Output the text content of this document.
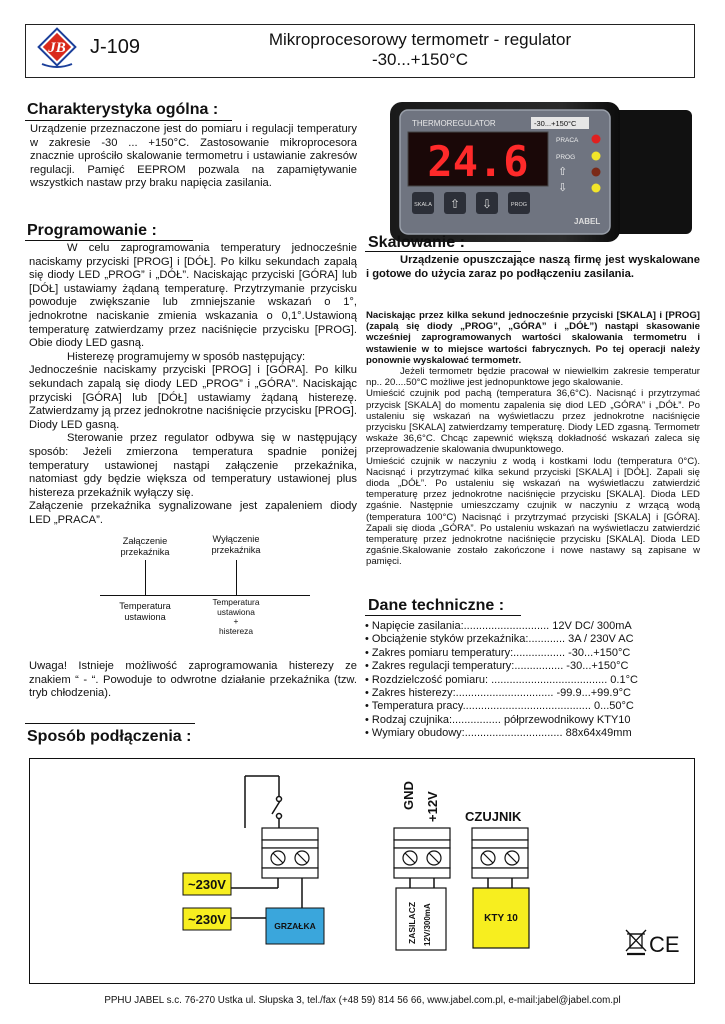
JB J-109	Mikroprocesorowy termometr - regulator
-30...+150°C
Charakterystyka ogólna :
Urządzenie przeznaczone jest do pomiaru i regulacji temperatury w zakresie -30 ... +150°C. Zastosowanie mikroprocesora znacznie uprościło skalowanie termometru i ustawianie zakresów regulacji. Pamięć EEPROM pozwala na zapamiętywanie wszystkich nastaw przy braku napięcia zasilania.
THERMOREGULATOR	-30...+150°C
24.6	PRACA
PROG
⇧
⇩
SKALA ⇧ ⇩	PROG
JABEL
Programowanie :

W celu zaprogramowania temperatury jednocześnie naciskamy przyciski [PROG] i [DÓŁ]. Po kilku sekundach zapalą się diody LED „PROG” i „DÓŁ”. Naciskając przyciski [GÓRA] lub [DÓŁ] ustawiamy żądaną temperaturę. Przytrzymanie przycisku powoduje zwiększanie lub zmniejszanie wskazań o 1°, jednokrotne naciskanie zmienia wskazania o 0,1°.Ustawioną temperaturę zatwierdzamy przez naciśnięcie przycisku [PROG]. Obie diody LED gasną.

Histerezę programujemy w sposób następujący:

Jednocześnie naciskamy przyciski [PROG] i [GÓRA]. Po kilku sekundach zapalą się diody LED „PROG” i „GÓRA”. Naciskając przyciski [GÓRA] lub [DÓŁ] ustawiamy żądaną histerezę. Zatwierdzamy ją przez jednokrotne naciśnięcie przycisku [PROG]. Diody LED gasną.

Sterowanie przez regulator odbywa się w następujący sposób: Jeżeli zmierzona temperatura spadnie poniżej temperatury ustawionej nastąpi załączenie przekaźnika, natomiast gdy będzie większa od temperatury ustawionej plus histereza przekaźnik wyłączy się.

Załączenie przekaźnika sygnalizowane jest zapaleniem diody LED „PRACA”.

Załączenie
przekaźnika
Wyłączenie
przekaźnika
Temperatura
ustawiona
Temperatura
ustawiona
+
histereza
Uwaga! Istnieje możliwość zaprogramowania histerezy ze znakiem “ - “. Powoduje to odwrotne działanie przekaźnika (tzw. tryb chłodzenia).
Skalowanie :
Urządzenie opuszczające naszą firmę jest wyskalowane i gotowe do użycia zaraz po podłączeniu zasilania.
Naciskając przez kilka sekund jednocześnie przyciski [SKALA] i [PROG] (zapalą się diody „PROG”, „GÓRA” i „DÓŁ”) nastąpi skasowanie wcześniej zaprogramowanych wartości skalowania termometru i wstawienie w to miejsce wartości fabrycznych. Po tej operacji należy ponownie wyskalować termometr.

Jeżeli termometr będzie pracował w niewielkim zakresie temperatur np.. 20....50°C możliwe jest jednopunktowe jego skalowanie.

Umieścić czujnik pod pachą (temperatura 36,6°C). Nacisnąć i przytrzymać przycisk [SKALA] do momentu zapalenia się diod LED „GÓRA” i „DÓŁ”. Po ustaleniu się wskazań na wyświetlaczu przez jednokrotne naciśnięcie przycisku [SKALA] zatwierdzamy temperaturę. Diody LED zgasną. Termometr wskaże 36,6°C. Chcąc zapewnić większą dokładność wskazań zaleca się przeprowadzenie skalowania dwupunktowego.

Umieścić czujnik w naczyniu z wodą i kostkami lodu (temperatura 0°C). Nacisnąć i przytrzymać kilka sekund przyciski [SKALA] i [DÓŁ]. Zapali się dioda „DÓŁ”. Po ustaleniu się wskazań na wyświetlaczu zatwierdzić temperaturę przez jednokrotne naciśnięcie przycisku [SKALA]. Dioda LED zgaśnie. Następnie umieszczamy czujnik w naczyniu z wrzącą wodą (temperatura 100°C) Nacisnąć i przytrzymać przyciski [SKALA] i [GÓRA]. Zapali się dioda „GÓRA”. Po ustaleniu wskazań na wyświetlaczu zatwierdzić temperaturę przez jednokrotne naciśnięcie przycisku [SKALA]. Dioda LED zgaśnie.Skalowanie zostało zakończone i nowe nastawy są zapisane w pamięci.

Dane techniczne :
• Napięcie zasilania:............................ 12V DC/ 300mA
• Obciążenie styków przekaźnika:............ 3A / 230V AC
• Zakres pomiaru temperatury:................. -30...+150°C
• Zakres regulacji temperatury:................ -30...+150°C
• Rozdzielczość pomiaru: ...................................... 0.1°C
• Zakres histerezy:................................ -99.9...+99.9°C
• Temperatura pracy.......................................... 0...50°C
• Rodzaj czujnika:................ półprzewodnikowy KTY10
• Wymiary obudowy:................................ 88x64x49mm
Sposób podłączenia :
~230V
~230V	GRZAŁKA
GND +12V
ZASILACZ 12V/300mA
CZUJNIK
KTY 10
CE
PPHU JABEL s.c. 76-270 Ustka ul. Słupska 3, tel./fax (+48 59) 814 56 66, www.jabel.com.pl, e-mail:jabel@jabel.com.pl
